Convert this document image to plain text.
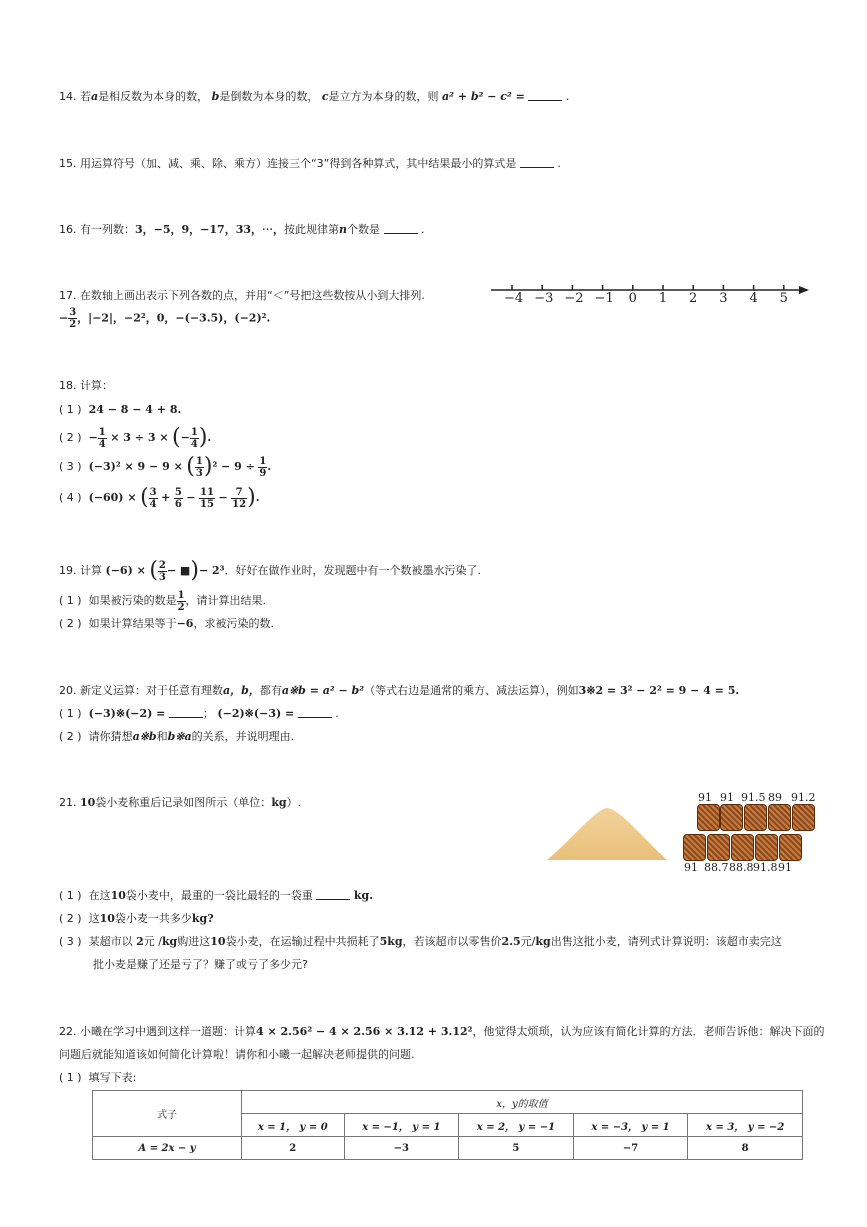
14. 若a是相反数为本身的数， b是倒数为本身的数， c是立方为本身的数，则 a² + b² − c² =	.
15. 用运算符号（加、减、乘、除、乘方）连接三个“3”得到各种算式，其中结果最小的算式是	.
16. 有一列数：3，−5，9，−17，33，⋯，按此规律第n个数是	.
17. 在数轴上画出表示下列各数的点，并用“＜”号把这些数按从小到大排列.
− $\frac{3}{2}$ ，|−2|，−2²，0，−(−3.5)，(−2)².
−4 −3 −2 −1 0 1 2 3 4 5
18. 计算：
( 1 ) 24 − 8 − 4 + 8.
( 2 ) − $\frac{1}{4} \times 3 \div 3$ × (− $\frac{1}{4}$ ).
( 3 ) (−3)² × 9 − 9 × ( $\frac{1}{3} )^2 - 9 \div \frac{1}{9}$ .
( 4 ) (−60) × ( $\frac{3}{4} + \frac{5}{6} - \frac{11}{15} - \frac{7}{12}$ ).
19. 计算 (−6) × ( $\frac{2}{3}$ − ■)− 2³．好好在做作业时，发现题中有一个数被墨水污染了.
( 1 ) 如果被污染的数是 $\frac{1}{2}$ ，请计算出结果.
( 2 ) 如果计算结果等于−6，求被污染的数.
20. 新定义运算：对于任意有理数a，b，都有a※b = a² − b²（等式右边是通常的乘方、减法运算），例如3※2 = 3² − 2² = 9 − 4 = 5.
( 1 ) (−3)※(−2) =	； (−2)※(−3) =	.
( 2 ) 请你猜想a※b和b※a的关系，并说明理由.
21. 10袋小麦称重后记录如图所示（单位：kg）.	91 91 91.5 89 91.2
91 88.7 88.8 91.8 91
( 1 ) 在这10袋小麦中，最重的一袋比最轻的一袋重	kg.
( 2 ) 这10袋小麦一共多少kg?
( 3 ) 某超市以 2元 /kg购进这10袋小麦，在运输过程中共损耗了5kg，若该超市以零售价2.5元/kg出售这批小麦，请列式计算说明：该超市卖完这
批小麦是赚了还是亏了？赚了或亏了多少元?
22. 小曦在学习中遇到这样一道题：计算4 × 2.56² − 4 × 2.56 × 3.12 + 3.12²，他觉得太烦琐，认为应该有简化计算的方法．老师告诉他：解决下面的
问题后就能知道该如何简化计算啦！请你和小曦一起解决老师提供的问题.
( 1 ) 填写下表:
式子	x，y的取值				
	x = 1， y = 0	x = −1， y = 1	x = 2， y = −1	x = −3， y = 1	x = 3， y = −2
A = 2x − y	2	−3	5	−7	8
